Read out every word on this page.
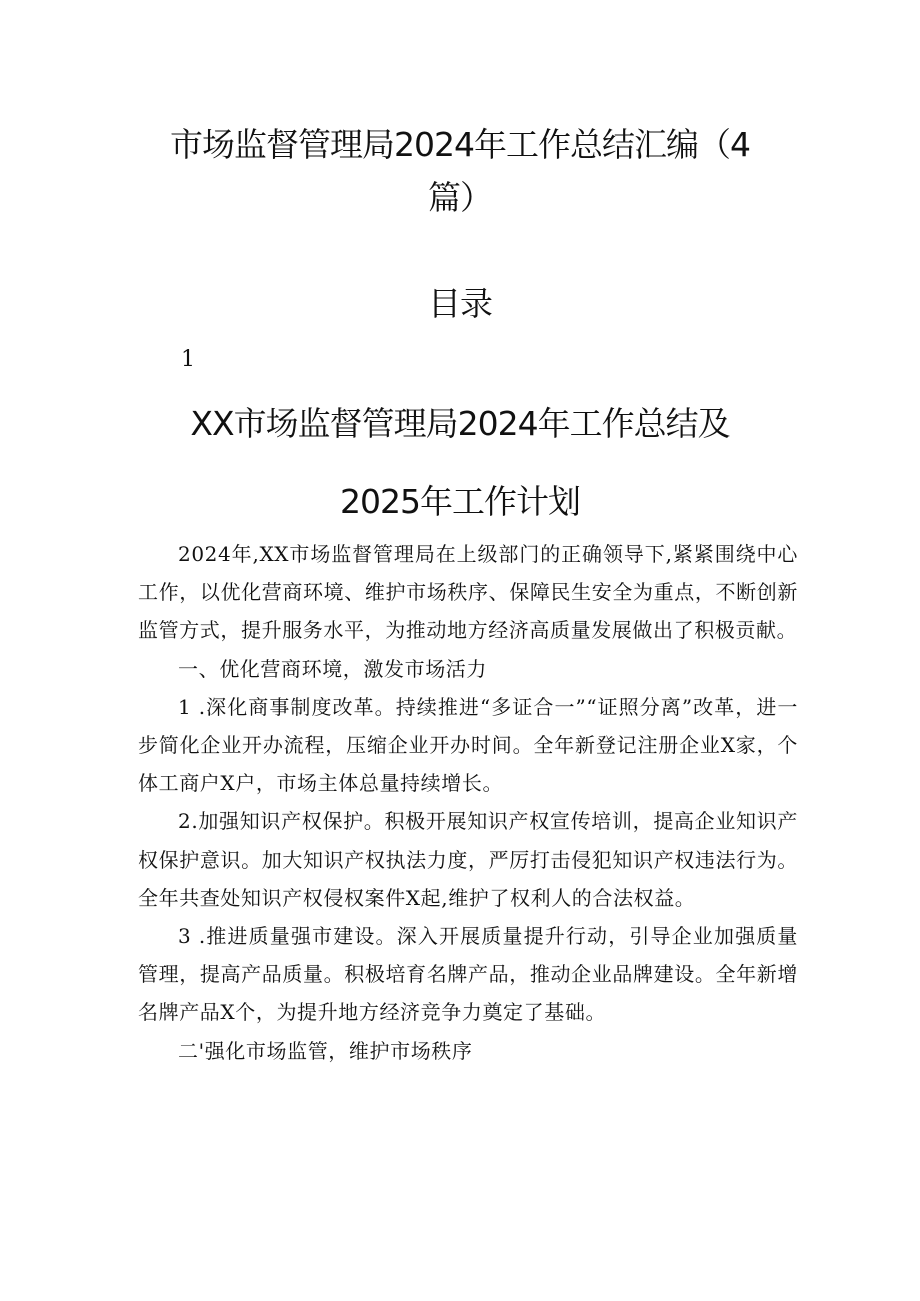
市场监督管理局2024年工作总结汇编（4
篇）
目录
1
XX市场监督管理局2024年工作总结及
2025年工作计划

2024年,XX市场监督管理局在上级部门的正确领导下,紧紧围绕中心工作，以优化营商环境、维护市场秩序、保障民生安全为重点，不断创新监管方式，提升服务水平，为推动地方经济高质量发展做出了积极贡献。

一、优化营商环境，激发市场活力

1 .深化商事制度改革。持续推进“多证合一”“证照分离”改革，进一步简化企业开办流程，压缩企业开办时间。全年新登记注册企业X家，个体工商户X户，市场主体总量持续增长。

2.加强知识产权保护。积极开展知识产权宣传培训，提高企业知识产权保护意识。加大知识产权执法力度，严厉打击侵犯知识产权违法行为。全年共查处知识产权侵权案件X起,维护了权利人的合法权益。

3 .推进质量强市建设。深入开展质量提升行动，引导企业加强质量管理，提高产品质量。积极培育名牌产品，推动企业品牌建设。全年新增名牌产品X个，为提升地方经济竞争力奠定了基础。

二'强化市场监管，维护市场秩序
